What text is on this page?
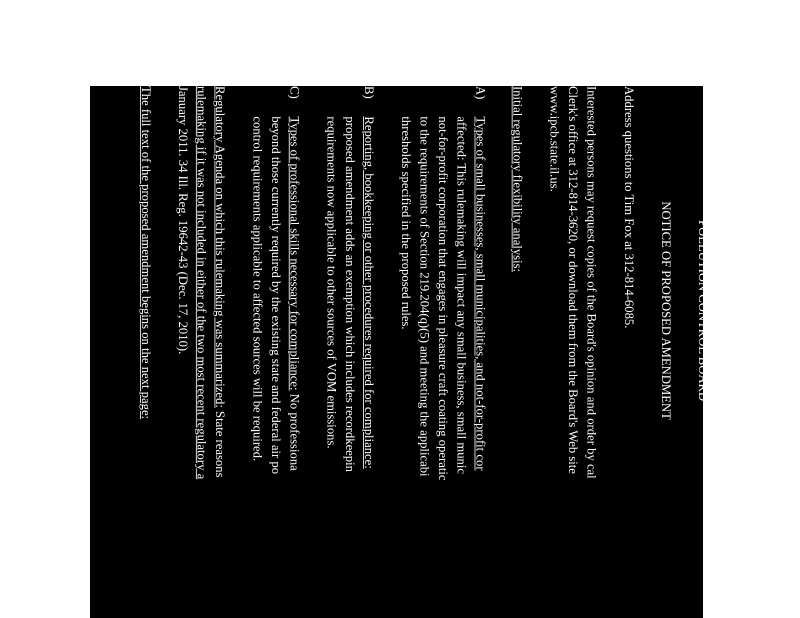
ILLINOIS REGISTER
POLLUTION CONTROL BOARD
NOTICE OF PROPOSED AMENDMENT
Address questions to Tim Fox at 312-814-6085.
Interested persons may request copies of the Board's opinion and order by cal
Clerk's office at 312-814-3620, or download them from the Board's Web site
www.ipcb.state.il.us.
13)
Initial regulatory flexibility analysis:
A)
Types of small businesses, small municipalities, and not-for-profit cor
affected: This rulemaking will impact any small business, small munic
not-for-profit corporation that engages in pleasure craft coating operatic
to the requirements of Section 219.204(q)(5) and meeting the applicabi
thresholds specified in the proposed rules.
B)
Reporting, bookkeeping or other procedures required for compliance:
proposed amendment adds an exemption which includes recordkeepin
requirements now applicable to other sources of VOM emissions.
C)
Types of professional skills necessary for compliance: No professiona
beyond those currently required by the existing state and federal air po
control requirements applicable to affected sources will be required.
14)
Regulatory Agenda on which this rulemaking was summarized: State reasons
rulemaking if it was not included in either of the two most recent regulatory a
January 2011. 34 Ill. Reg. 19642-43 (Dec. 17, 2010).
The full text of the proposed amendment begins on the next page:
